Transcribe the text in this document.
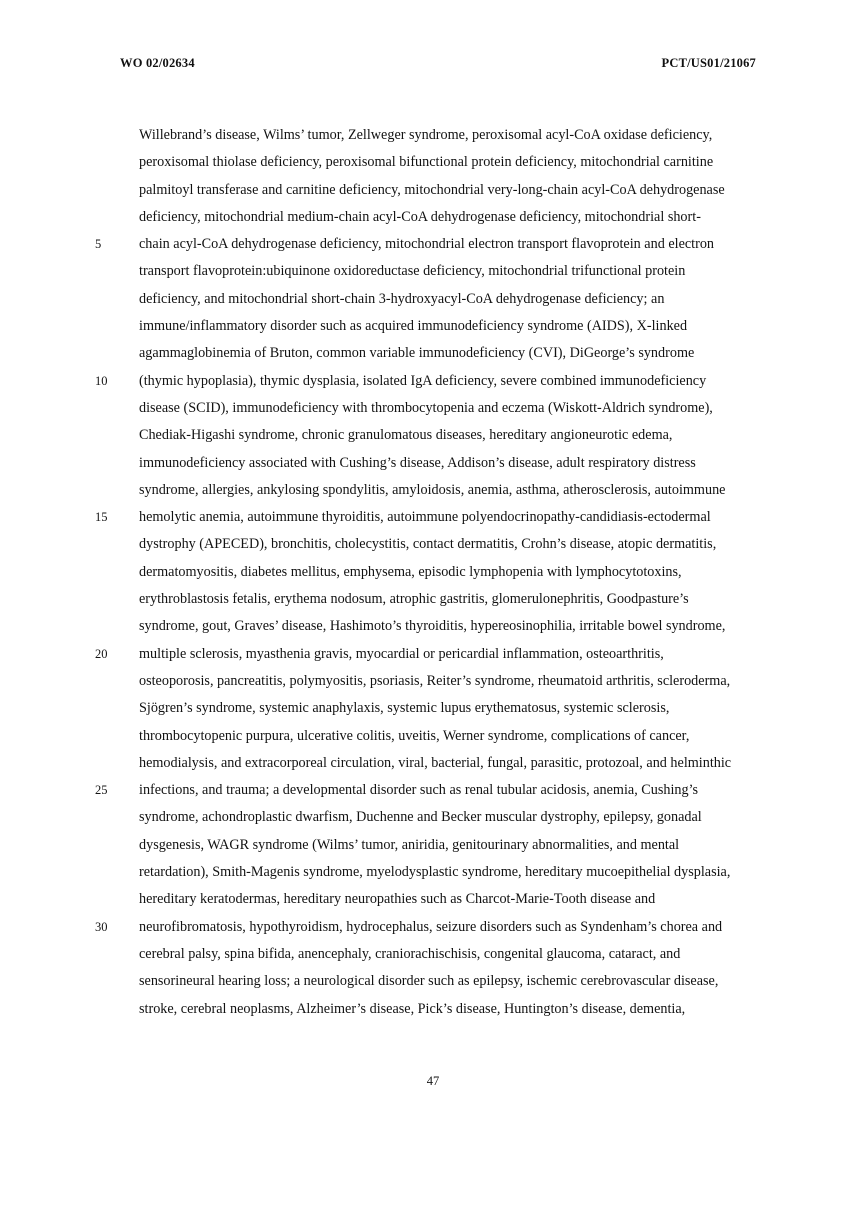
WO 02/02634	PCT/US01/21067
Willebrand’s disease, Wilms’ tumor, Zellweger syndrome, peroxisomal acyl-CoA oxidase deficiency,
peroxisomal thiolase deficiency, peroxisomal bifunctional protein deficiency, mitochondrial carnitine
palmitoyl transferase and carnitine deficiency, mitochondrial very-long-chain acyl-CoA dehydrogenase
deficiency, mitochondrial medium-chain acyl-CoA dehydrogenase deficiency, mitochondrial short-
5	chain acyl-CoA dehydrogenase deficiency, mitochondrial electron transport flavoprotein and electron
transport flavoprotein:ubiquinone oxidoreductase deficiency, mitochondrial trifunctional protein
deficiency, and mitochondrial short-chain 3-hydroxyacyl-CoA dehydrogenase deficiency; an
immune/inflammatory disorder such as acquired immunodeficiency syndrome (AIDS), X-linked
agammaglobinemia of Bruton, common variable immunodeficiency (CVI), DiGeorge’s syndrome
10	(thymic hypoplasia), thymic dysplasia, isolated IgA deficiency, severe combined immunodeficiency
disease (SCID), immunodeficiency with thrombocytopenia and eczema (Wiskott-Aldrich syndrome),
Chediak-Higashi syndrome, chronic granulomatous diseases, hereditary angioneurotic edema,
immunodeficiency associated with Cushing’s disease, Addison’s disease, adult respiratory distress
syndrome, allergies, ankylosing spondylitis, amyloidosis, anemia, asthma, atherosclerosis, autoimmune
15	hemolytic anemia, autoimmune thyroiditis, autoimmune polyendocrinopathy-candidiasis-ectodermal
dystrophy (APECED), bronchitis, cholecystitis, contact dermatitis, Crohn’s disease, atopic dermatitis,
dermatomyositis, diabetes mellitus, emphysema, episodic lymphopenia with lymphocytotoxins,
erythroblastosis fetalis, erythema nodosum, atrophic gastritis, glomerulonephritis, Goodpasture’s
syndrome, gout, Graves’ disease, Hashimoto’s thyroiditis, hypereosinophilia, irritable bowel syndrome,
20	multiple sclerosis, myasthenia gravis, myocardial or pericardial inflammation, osteoarthritis,
osteoporosis, pancreatitis, polymyositis, psoriasis, Reiter’s syndrome, rheumatoid arthritis, scleroderma,
Sjögren’s syndrome, systemic anaphylaxis, systemic lupus erythematosus, systemic sclerosis,
thrombocytopenic purpura, ulcerative colitis, uveitis, Werner syndrome, complications of cancer,
hemodialysis, and extracorporeal circulation, viral, bacterial, fungal, parasitic, protozoal, and helminthic
25	infections, and trauma; a developmental disorder such as renal tubular acidosis, anemia, Cushing’s
syndrome, achondroplastic dwarfism, Duchenne and Becker muscular dystrophy, epilepsy, gonadal
dysgenesis, WAGR syndrome (Wilms’ tumor, aniridia, genitourinary abnormalities, and mental
retardation), Smith-Magenis syndrome, myelodysplastic syndrome, hereditary mucoepithelial dysplasia,
hereditary keratodermas, hereditary neuropathies such as Charcot-Marie-Tooth disease and
30	neurofibromatosis, hypothyroidism, hydrocephalus, seizure disorders such as Syndenham’s chorea and
cerebral palsy, spina bifida, anencephaly, craniorachischisis, congenital glaucoma, cataract, and
sensorineural hearing loss; a neurological disorder such as epilepsy, ischemic cerebrovascular disease,
stroke, cerebral neoplasms, Alzheimer’s disease, Pick’s disease, Huntington’s disease, dementia,
47
